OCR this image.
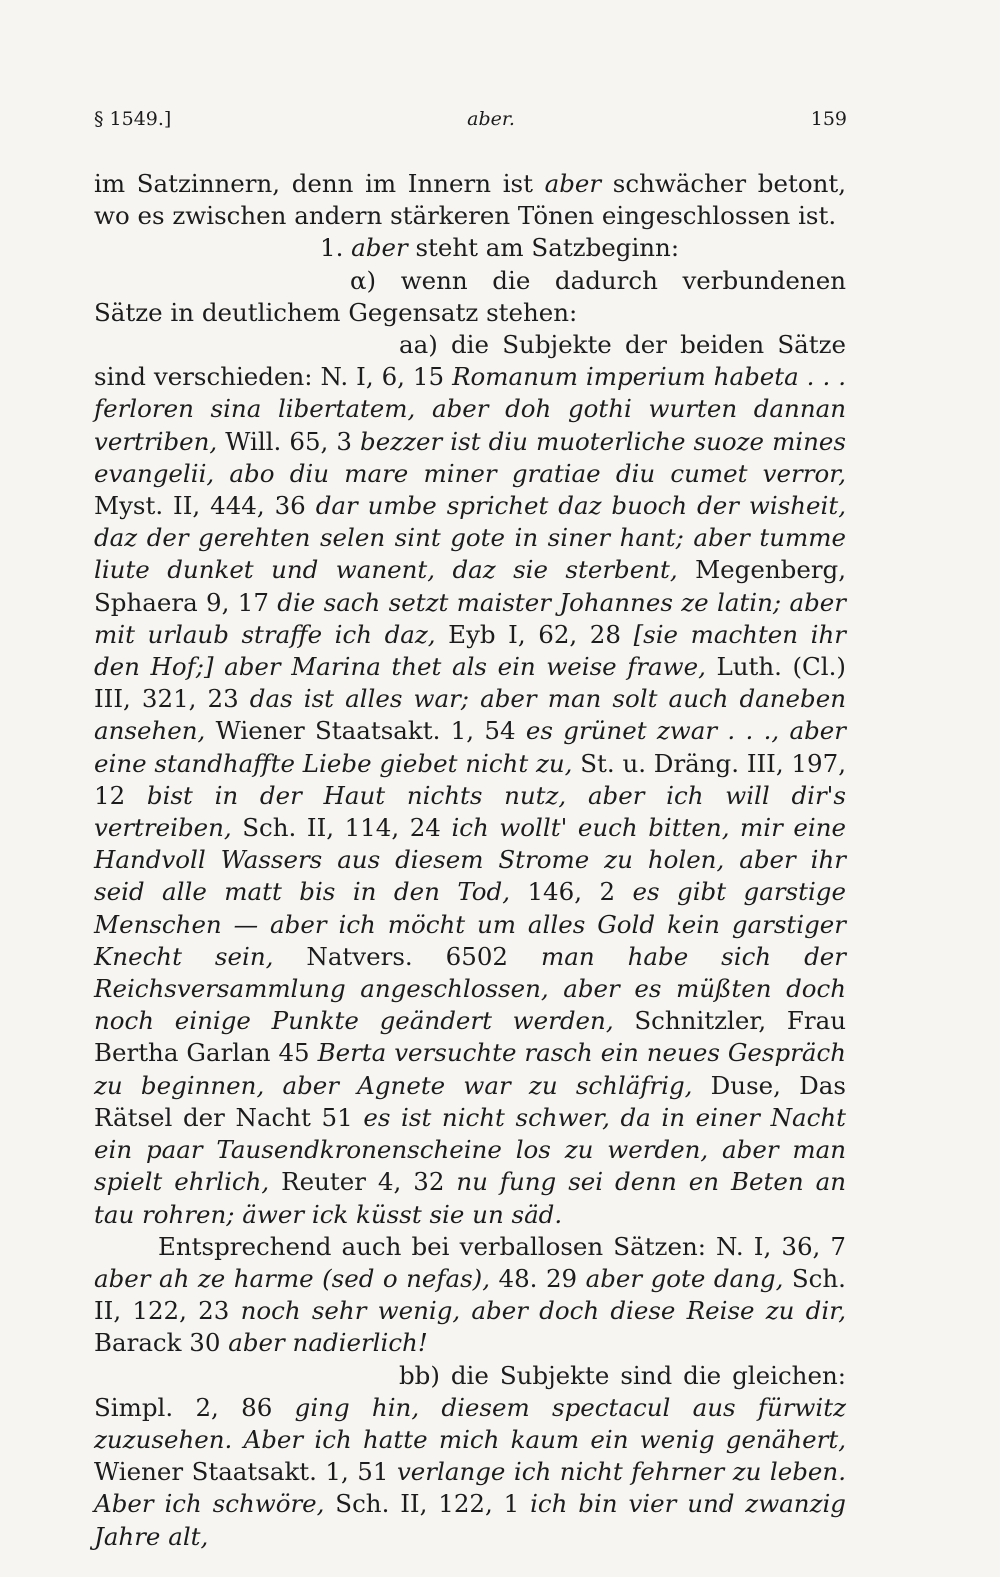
§ 1549.]	aber.	159

im Satzinnern, denn im Innern ist aber schwächer betont, wo es zwischen andern stärkeren Tönen eingeschlossen ist.

1. aber steht am Satzbeginn:

α) wenn die dadurch verbundenen Sätze in deutlichem Gegensatz stehen:

aa) die Subjekte der beiden Sätze sind verschieden: N. I, 6, 15 Romanum imperium habeta . . . ferloren sina libertatem, aber doh gothi wurten dannan vertriben, Will. 65, 3 bezzer ist diu muoterliche suoze mines evangelii, abo diu mare miner gratiae diu cumet verror, Myst. II, 444, 36 dar umbe sprichet daz buoch der wisheit, daz der gerehten selen sint gote in siner hant; aber tumme liute dunket und wanent, daz sie sterbent, Megenberg, Sphaera 9, 17 die sach setzt maister Johannes ze latin; aber mit urlaub straffe ich daz, Eyb I, 62, 28 [sie machten ihr den Hof;] aber Marina thet als ein weise frawe, Luth. (Cl.) III, 321, 23 das ist alles war; aber man solt auch daneben ansehen, Wiener Staatsakt. 1, 54 es grünet zwar . . ., aber eine standhaffte Liebe giebet nicht zu, St. u. Dräng. III, 197, 12 bist in der Haut nichts nutz, aber ich will dir's vertreiben, Sch. II, 114, 24 ich wollt' euch bitten, mir eine Handvoll Wassers aus diesem Strome zu holen, aber ihr seid alle matt bis in den Tod, 146, 2 es gibt garstige Menschen — aber ich möcht um alles Gold kein garstiger Knecht sein, Natvers. 6502 man habe sich der Reichsversammlung angeschlossen, aber es müßten doch noch einige Punkte geändert werden, Schnitzler, Frau Bertha Garlan 45 Berta versuchte rasch ein neues Gespräch zu beginnen, aber Agnete war zu schläfrig, Duse, Das Rätsel der Nacht 51 es ist nicht schwer, da in einer Nacht ein paar Tausendkronenscheine los zu werden, aber man spielt ehrlich, Reuter 4, 32 nu fung sei denn en Beten an tau rohren; äwer ick küsst sie un säd.

Entsprechend auch bei verballosen Sätzen: N. I, 36, 7 aber ah ze harme (sed o nefas), 48. 29 aber gote dang, Sch. II, 122, 23 noch sehr wenig, aber doch diese Reise zu dir, Barack 30 aber nadierlich!

bb) die Subjekte sind die gleichen: Simpl. 2, 86 ging hin, diesem spectacul aus fürwitz zuzusehen. Aber ich hatte mich kaum ein wenig genähert, Wiener Staatsakt. 1, 51 verlange ich nicht fehrner zu leben. Aber ich schwöre, Sch. II, 122, 1 ich bin vier und zwanzig Jahre alt,
